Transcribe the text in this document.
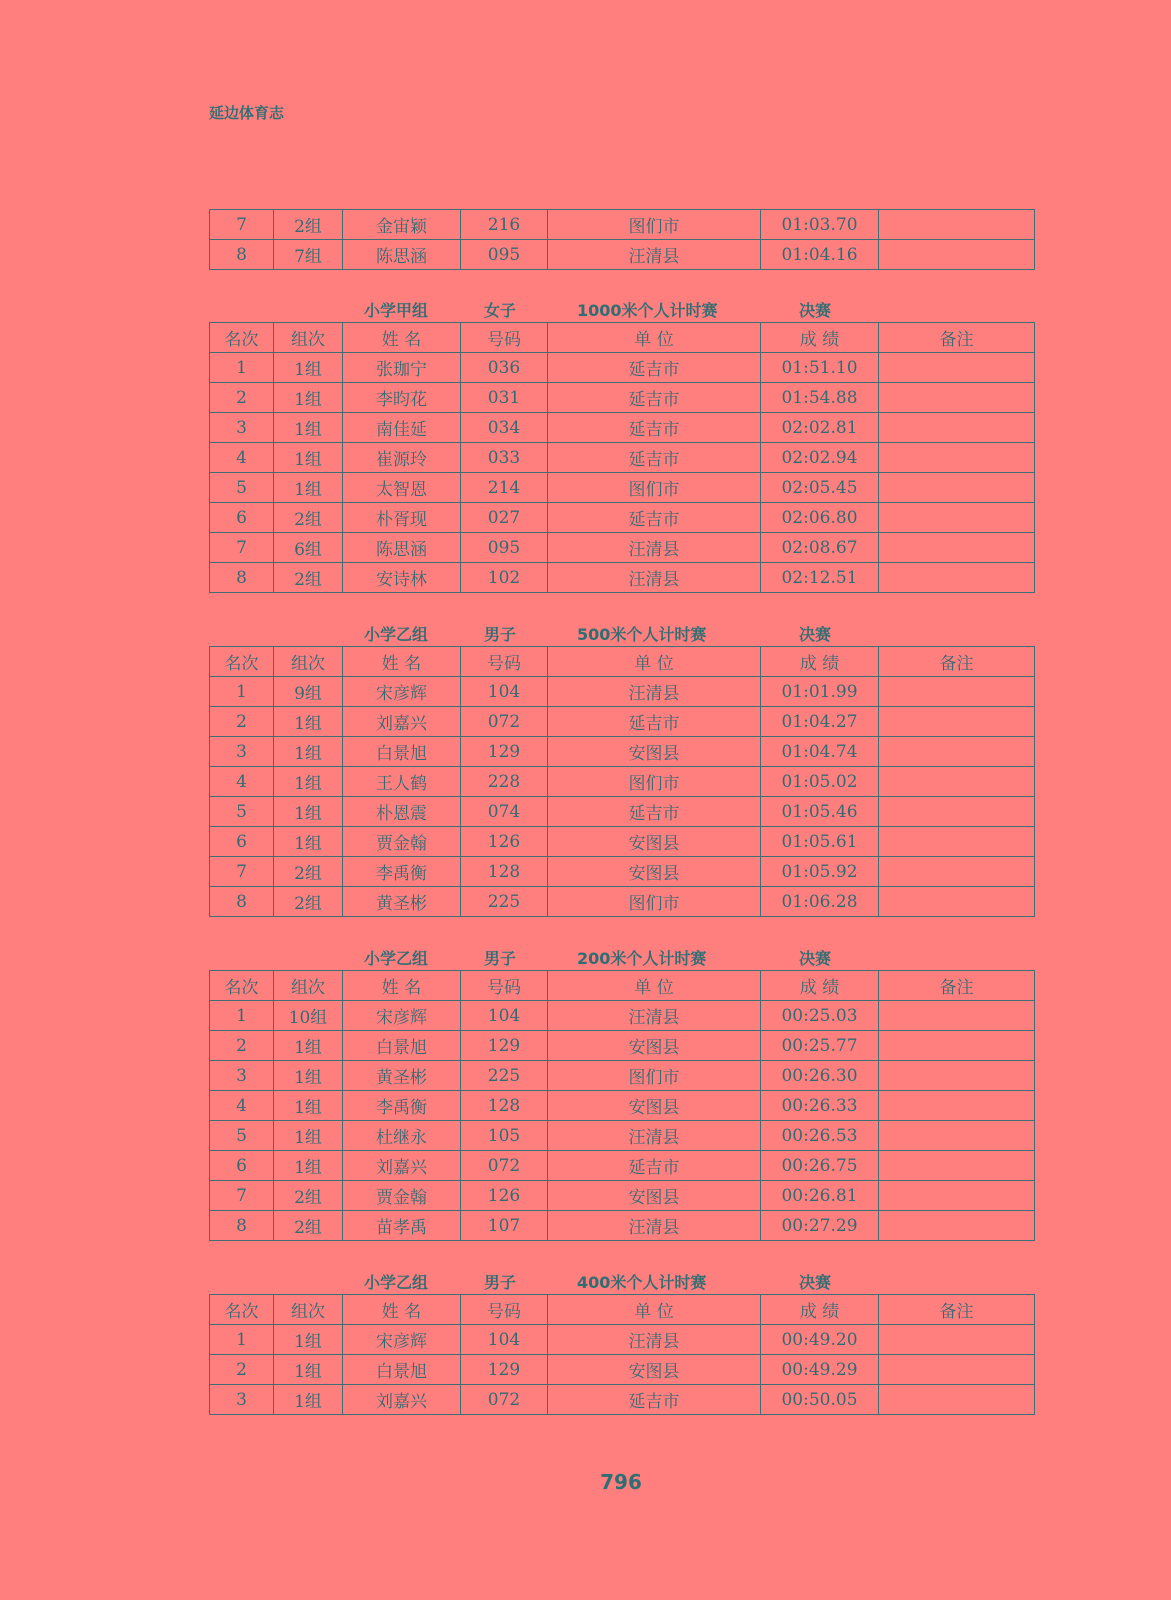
延边体育志
7	2组	金宙颖	216	图们市	01:03.70	
8	7组	陈思涵	095	汪清县	01:04.16	
小学甲组	女子	1000米个人计时赛	决赛
名次	组次	姓 名	号码	单 位	成 绩	备注
1	1组	张珈宁	036	延吉市	01:51.10	
2	1组	李昀花	031	延吉市	01:54.88	
3	1组	南佳延	034	延吉市	02:02.81	
4	1组	崔源玲	033	延吉市	02:02.94	
5	1组	太智恩	214	图们市	02:05.45	
6	2组	朴胥现	027	延吉市	02:06.80	
7	6组	陈思涵	095	汪清县	02:08.67	
8	2组	安诗林	102	汪清县	02:12.51	
小学乙组	男子	500米个人计时赛	决赛
名次	组次	姓 名	号码	单 位	成 绩	备注
1	9组	宋彦辉	104	汪清县	01:01.99	
2	1组	刘嘉兴	072	延吉市	01:04.27	
3	1组	白景旭	129	安图县	01:04.74	
4	1组	王人鹤	228	图们市	01:05.02	
5	1组	朴恩震	074	延吉市	01:05.46	
6	1组	贾金翰	126	安图县	01:05.61	
7	2组	李禹衡	128	安图县	01:05.92	
8	2组	黄圣彬	225	图们市	01:06.28	
小学乙组	男子	200米个人计时赛	决赛
名次	组次	姓 名	号码	单 位	成 绩	备注
1	10组	宋彦辉	104	汪清县	00:25.03	
2	1组	白景旭	129	安图县	00:25.77	
3	1组	黄圣彬	225	图们市	00:26.30	
4	1组	李禹衡	128	安图县	00:26.33	
5	1组	杜继永	105	汪清县	00:26.53	
6	1组	刘嘉兴	072	延吉市	00:26.75	
7	2组	贾金翰	126	安图县	00:26.81	
8	2组	苗孝禹	107	汪清县	00:27.29	
小学乙组	男子	400米个人计时赛	决赛
名次	组次	姓 名	号码	单 位	成 绩	备注
1	1组	宋彦辉	104	汪清县	00:49.20	
2	1组	白景旭	129	安图县	00:49.29	
3	1组	刘嘉兴	072	延吉市	00:50.05	
796
